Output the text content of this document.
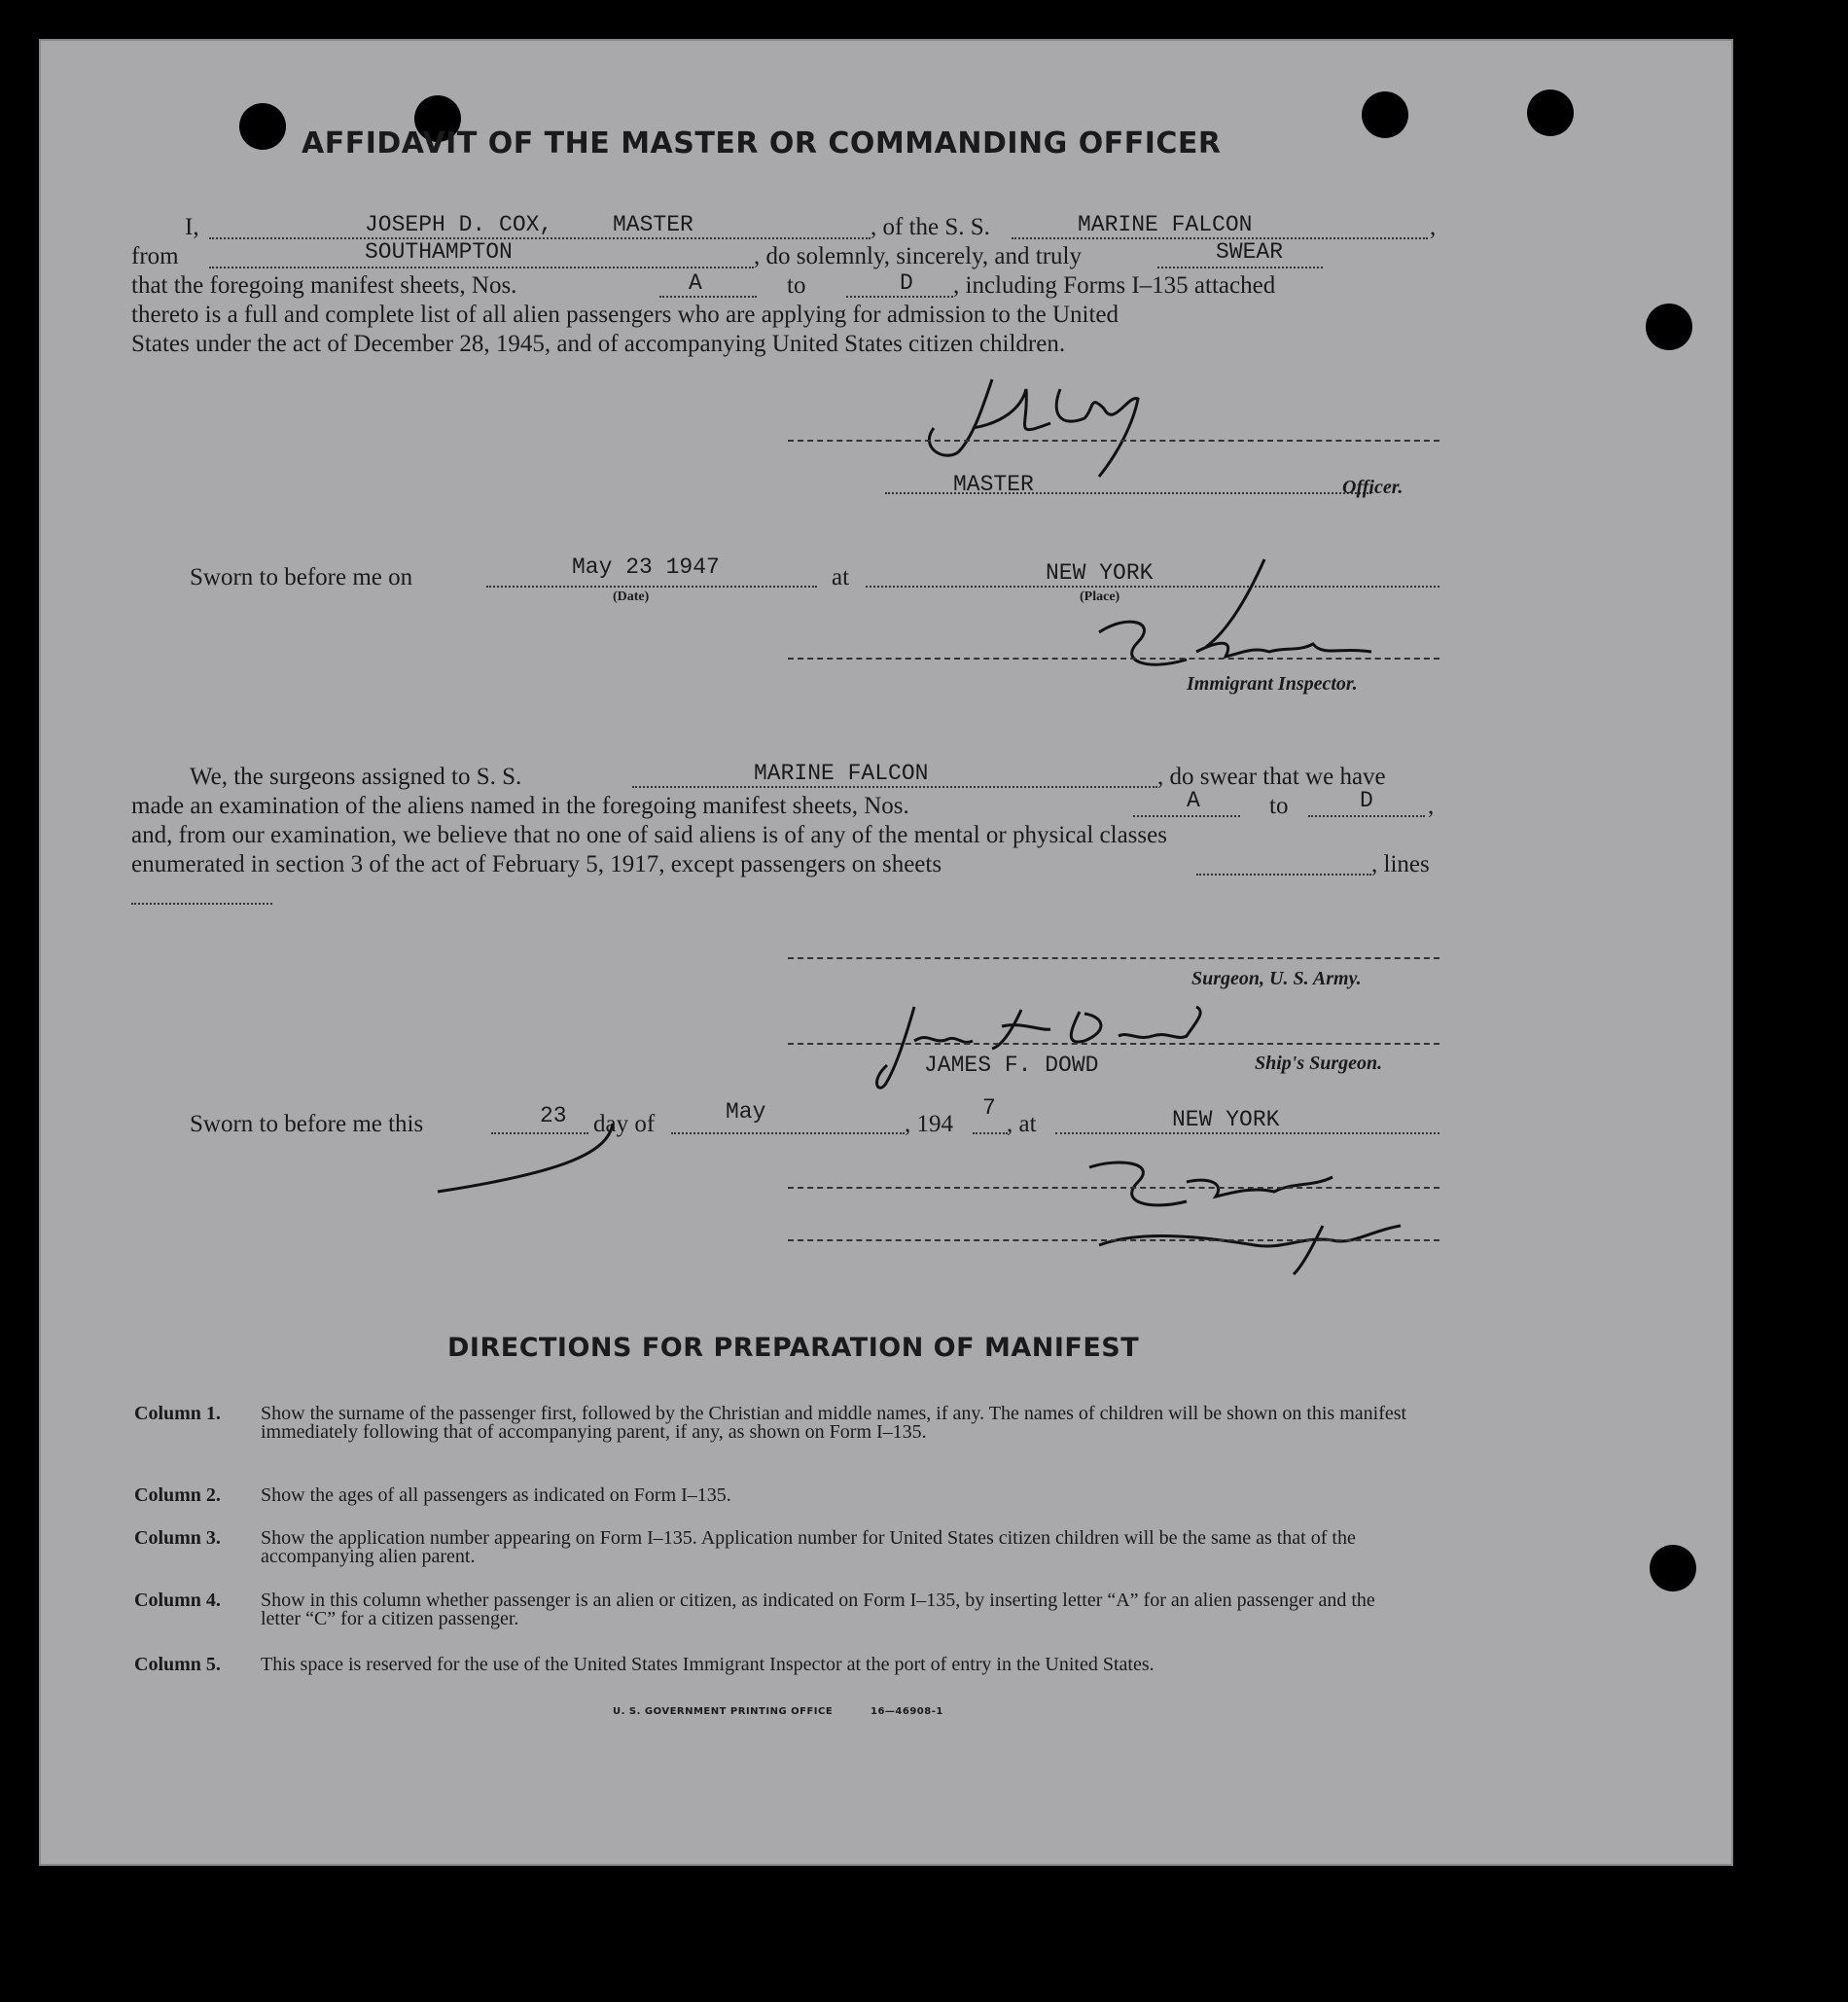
AFFIDAVIT OF THE MASTER OR COMMANDING OFFICER
I,	JOSEPH D. COX,	MASTER	, of the S. S.	MARINE FALCON	,
from	SOUTHAMPTON	, do solemnly, sincerely, and truly	SWEAR
that the foregoing manifest sheets, Nos.	A	to	D , including Forms I–135 attached
thereto is a full and complete list of all alien passengers who are applying for admission to the United
States under the act of December 28, 1945, and of accompanying United States citizen children.
MASTER	Officer.
Sworn to before me on	May 23 1947
(Date)
at	NEW YORK
(Place)
Immigrant Inspector.
We, the surgeons assigned to S. S.	MARINE FALCON	, do swear that we have
made an examination of the aliens named in the foregoing manifest sheets, Nos.	A	to	D ,
and, from our examination, we believe that no one of said aliens is of any of the mental or physical classes
enumerated in section 3 of the act of February 5, 1917, except passengers on sheets	, lines
Surgeon, U. S. Army.
JAMES F. DOWD	Ship's Surgeon.
Sworn to before me this	23 day of	May	, 194
7
, at	NEW YORK
DIRECTIONS FOR PREPARATION OF MANIFEST
Column 1. Show the surname of the passenger first, followed by the Christian and middle names, if any. The names of children will be shown on this manifest immediately following that of accompanying parent, if any, as shown on Form I–135.
Column 2. Show the ages of all passengers as indicated on Form I–135.
Column 3. Show the application number appearing on Form I–135. Application number for United States citizen children will be the same as that of the accompanying alien parent.
Column 4. Show in this column whether passenger is an alien or citizen, as indicated on Form I–135, by inserting letter “A” for an alien passenger and the letter “C” for a citizen passenger.
Column 5. This space is reserved for the use of the United States Immigrant Inspector at the port of entry in the United States.
U. S. GOVERNMENT PRINTING OFFICE	16—46908-1
